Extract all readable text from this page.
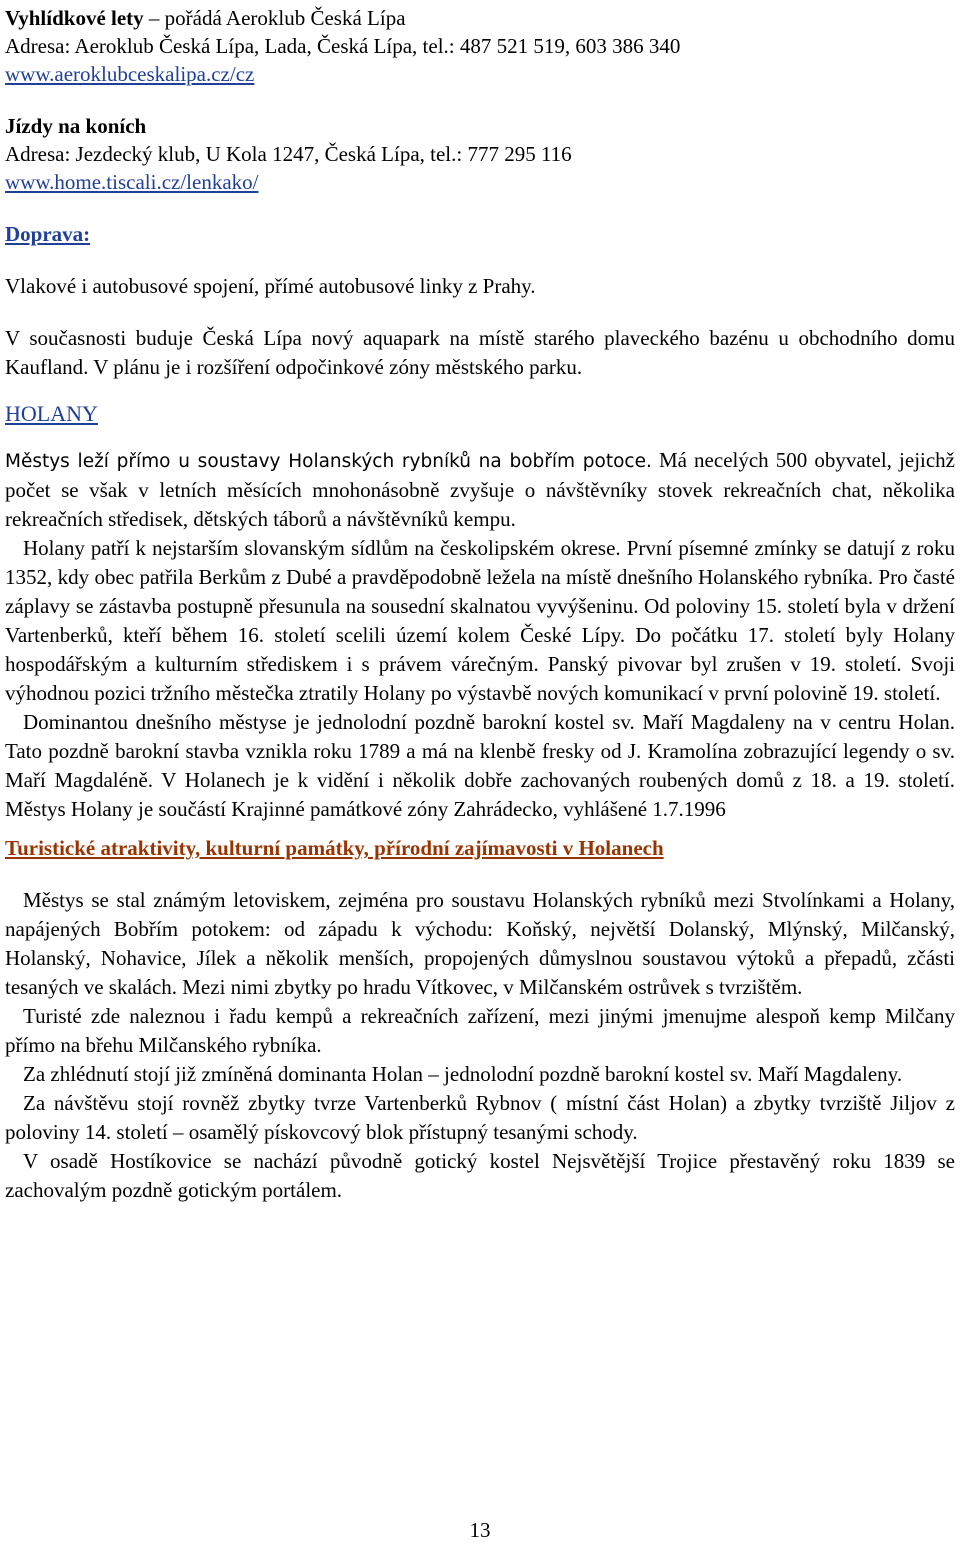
Vyhlídkové lety – pořádá Aeroklub Česká Lípa

Adresa: Aeroklub Česká Lípa, Lada, Česká Lípa, tel.: 487 521 519, 603 386 340

www.aeroklubceskalipa.cz/cz

Jízdy na koních

Adresa: Jezdecký klub, U Kola 1247, Česká Lípa, tel.: 777 295 116

www.home.tiscali.cz/lenkako/

Doprava:

Vlakové i autobusové spojení, přímé autobusové linky z Prahy.

V současnosti buduje Česká Lípa nový aquapark na místě starého plaveckého bazénu u obchodního domu Kaufland. V plánu je i rozšíření odpočinkové zóny městského parku.

HOLANY

Městys leží přímo u soustavy Holanských rybníků na bobřím potoce. Má necelých 500 obyvatel, jejichž počet se však v letních měsících mnohonásobně zvyšuje o návštěvníky stovek rekreačních chat, několika rekreačních středisek, dětských táborů a návštěvníků kempu.

Holany patří k nejstarším slovanským sídlům na českolipském okrese. První písemné zmínky se datují z roku 1352, kdy obec patřila Berkům z Dubé a pravděpodobně ležela na místě dnešního Holanského rybníka. Pro časté záplavy se zástavba postupně přesunula na sousední skalnatou vyvýšeninu. Od poloviny 15. století byla v držení Vartenberků, kteří během 16. století scelili území kolem České Lípy. Do počátku 17. století byly Holany hospodářským a kulturním střediskem i s právem várečným. Panský pivovar byl zrušen v 19. století. Svoji výhodnou pozici tržního městečka ztratily Holany po výstavbě nových komunikací v první polovině 19. století.

Dominantou dnešního městyse je jednolodní pozdně barokní kostel sv. Maří Magdaleny na v centru Holan. Tato pozdně barokní stavba vznikla roku 1789 a má na klenbě fresky od J. Kramolína zobrazující legendy o sv. Maří Magdaléně. V Holanech je k vidění i několik dobře zachovaných roubených domů z 18. a 19. století. Městys Holany je součástí Krajinné památkové zóny Zahrádecko, vyhlášené 1.7.1996

Turistické atraktivity, kulturní památky, přírodní zajímavosti v Holanech

Městys se stal známým letoviskem, zejména pro soustavu Holanských rybníků mezi Stvolínkami a Holany, napájených Bobřím potokem: od západu k východu: Koňský, největší Dolanský, Mlýnský, Milčanský, Holanský, Nohavice, Jílek a několik menších, propojených důmyslnou soustavou výtoků a přepadů, zčásti tesaných ve skalách. Mezi nimi zbytky po hradu Vítkovec, v Milčanském ostrůvek s tvrzištěm.

Turisté zde naleznou i řadu kempů a rekreačních zařízení, mezi jinými jmenujme alespoň kemp Milčany přímo na břehu Milčanského rybníka.

Za zhlédnutí stojí již zmíněná dominanta Holan – jednolodní pozdně barokní kostel sv. Maří Magdaleny.

Za návštěvu stojí rovněž zbytky tvrze Vartenberků Rybnov ( místní část Holan) a zbytky tvrziště Jiljov z poloviny 14. století – osamělý pískovcový blok přístupný tesanými schody.

V osadě Hostíkovice se nachází původně gotický kostel Nejsvětější Trojice přestavěný roku 1839 se zachovalým pozdně gotickým portálem.

13
